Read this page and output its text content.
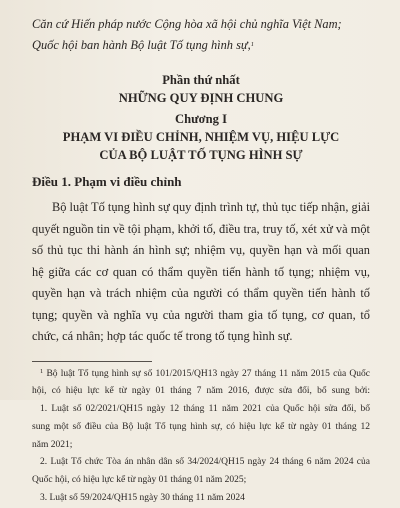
Căn cứ Hiến pháp nước Cộng hòa xã hội chủ nghĩa Việt Nam;

Quốc hội ban hành Bộ luật Tố tụng hình sự,$^1$

Phần thứ nhất
NHỮNG QUY ĐỊNH CHUNG
Chương I
PHẠM VI ĐIỀU CHỈNH, NHIỆM VỤ, HIỆU LỰC
CỦA BỘ LUẬT TỐ TỤNG HÌNH SỰ
Điều 1. Phạm vi điều chỉnh
Bộ luật Tố tụng hình sự quy định trình tự, thủ tục tiếp nhận, giải
quyết nguồn tin về tội phạm, khởi tố, điều tra, truy tố, xét xử và một
số thủ tục thi hành án hình sự; nhiệm vụ, quyền hạn và mối quan
hệ giữa các cơ quan có thẩm quyền tiến hành tố tụng; nhiệm vụ,
quyền hạn và trách nhiệm của người có thẩm quyền tiến hành tố
tụng; quyền và nghĩa vụ của người tham gia tố tụng, cơ quan, tổ
chức, cá nhân; hợp tác quốc tế trong tố tụng hình sự.
$^1$ Bộ luật Tố tụng hình sự số 101/2015/QH13 ngày 27 tháng 11 năm 2015 của Quốc
hội, có hiệu lực kể từ ngày 01 tháng 7 năm 2016, được sửa đổi, bổ sung bởi:
1. Luật số 02/2021/QH15 ngày 12 tháng 11 năm 2021 của Quốc hội sửa đổi, bổ
sung một số điều của Bộ luật Tố tụng hình sự, có hiệu lực kể từ ngày 01 tháng 12
năm 2021;
2. Luật Tổ chức Tòa án nhân dân số 34/2024/QH15 ngày 24 tháng 6 năm 2024 của
Quốc hội, có hiệu lực kể từ ngày 01 tháng 01 năm 2025;
3. Luật số 59/2024/QH15 ngày 30 tháng 11 năm 2024
